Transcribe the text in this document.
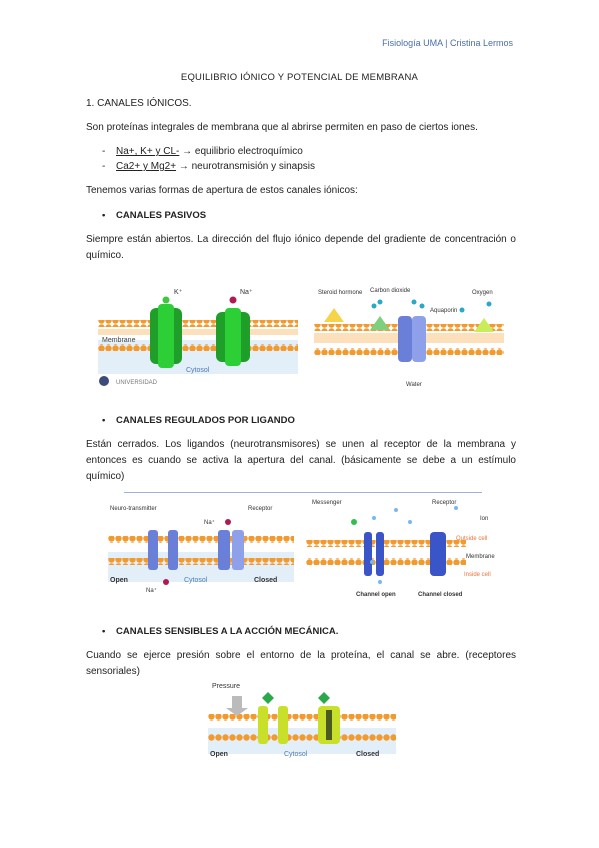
Fisiología UMA | Cristina Lermos
EQUILIBRIO IÓNICO Y POTENCIAL DE MEMBRANA
1. CANALES IÓNICOS.
Son proteínas integrales de membrana que al abrirse permiten en paso de ciertos iones.
- Na+, K+ y CL- → equilibrio electroquímico
- Ca2+ y Mg2+ → neurotransmisión y sinapsis
Tenemos varias formas de apertura de estos canales iónicos:
• CANALES PASIVOS
Siempre están abiertos. La dirección del flujo iónico depende del gradiente de concentración o químico.
K⁺	Na⁺
Membrane
Cytosol
UNIVERSIDAD
Steroid hormone Carbon dioxide
Aquaporin
Oxygen
Water
• CANALES REGULADOS POR LIGANDO
Están cerrados. Los ligandos (neurotransmisores) se unen al receptor de la membrana y entonces es cuando se activa la apertura del canal. (básicamente se debe a un estímulo químico)
Neuro-transmitter	Receptor
Na⁺
Na⁺
Open	Cytosol	Closed
Messenger	Receptor
Ion
Outside cell
Membrane
Inside cell
Channel open	Channel closed
• CANALES SENSIBLES A LA ACCIÓN MECÁNICA.
Cuando se ejerce presión sobre el entorno de la proteína, el canal se abre. (receptores sensoriales)
Pressure
Open	Cytosol	Closed
